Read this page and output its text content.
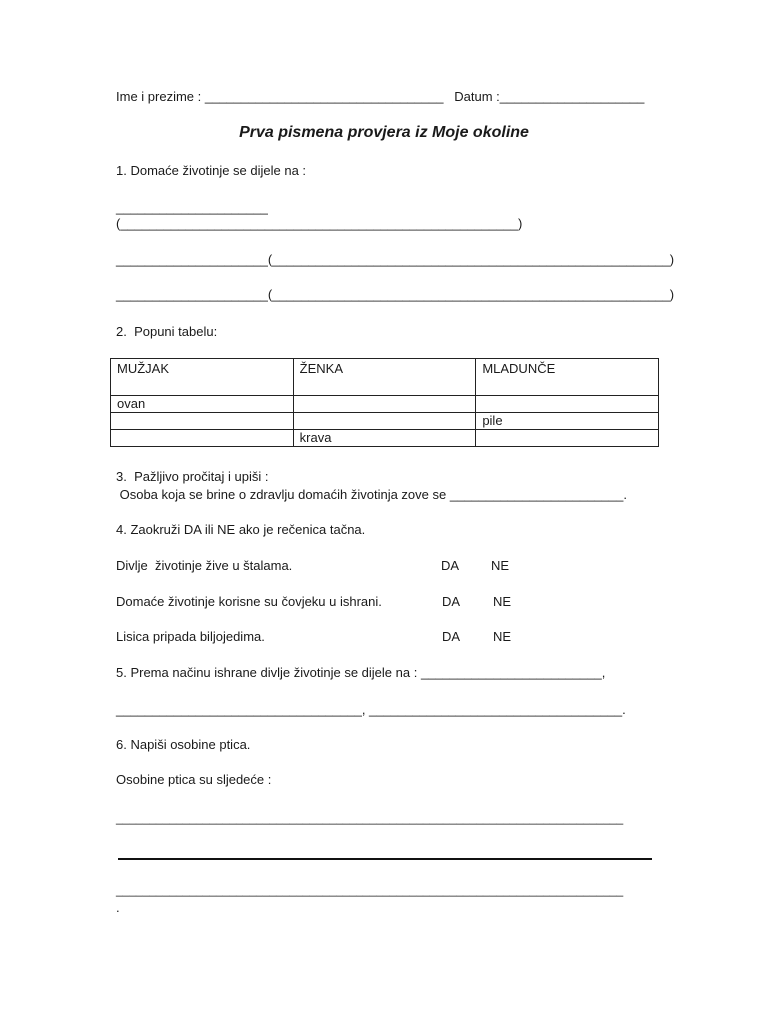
Ime i prezime : _________________________________   Datum :____________________
Prva pismena provjera iz Moje okoline
1. Domaće životinje se dijele na :
_____________________
(_______________________________________________________)
_____________________(_______________________________________________________)
_____________________(_______________________________________________________)
2.  Popuni tabelu:
MUŽJAK	ŽENKA	MLADUNČE
ovan		
		pile
	krava	
3.  Pažljivo pročitaj i upiši :
Osoba koja se brine o zdravlju domaćih životinja zove se ________________________.
4. Zaokruži DA ili NE ako je rečenica tačna.
Divlje  životinje žive u štalama.	DA NE
Domaće životinje korisne su čovjeku u ishrani.	DA	NE
Lisica pripada biljojedima.	DA	NE
5. Prema načinu ishrane divlje životinje se dijele na : _________________________,
__________________________________, ___________________________________.
6. Napiši osobine ptica.
Osobine ptica su sljedeće :
____________________________________________________________________________
____________________________________________________________________________
.
